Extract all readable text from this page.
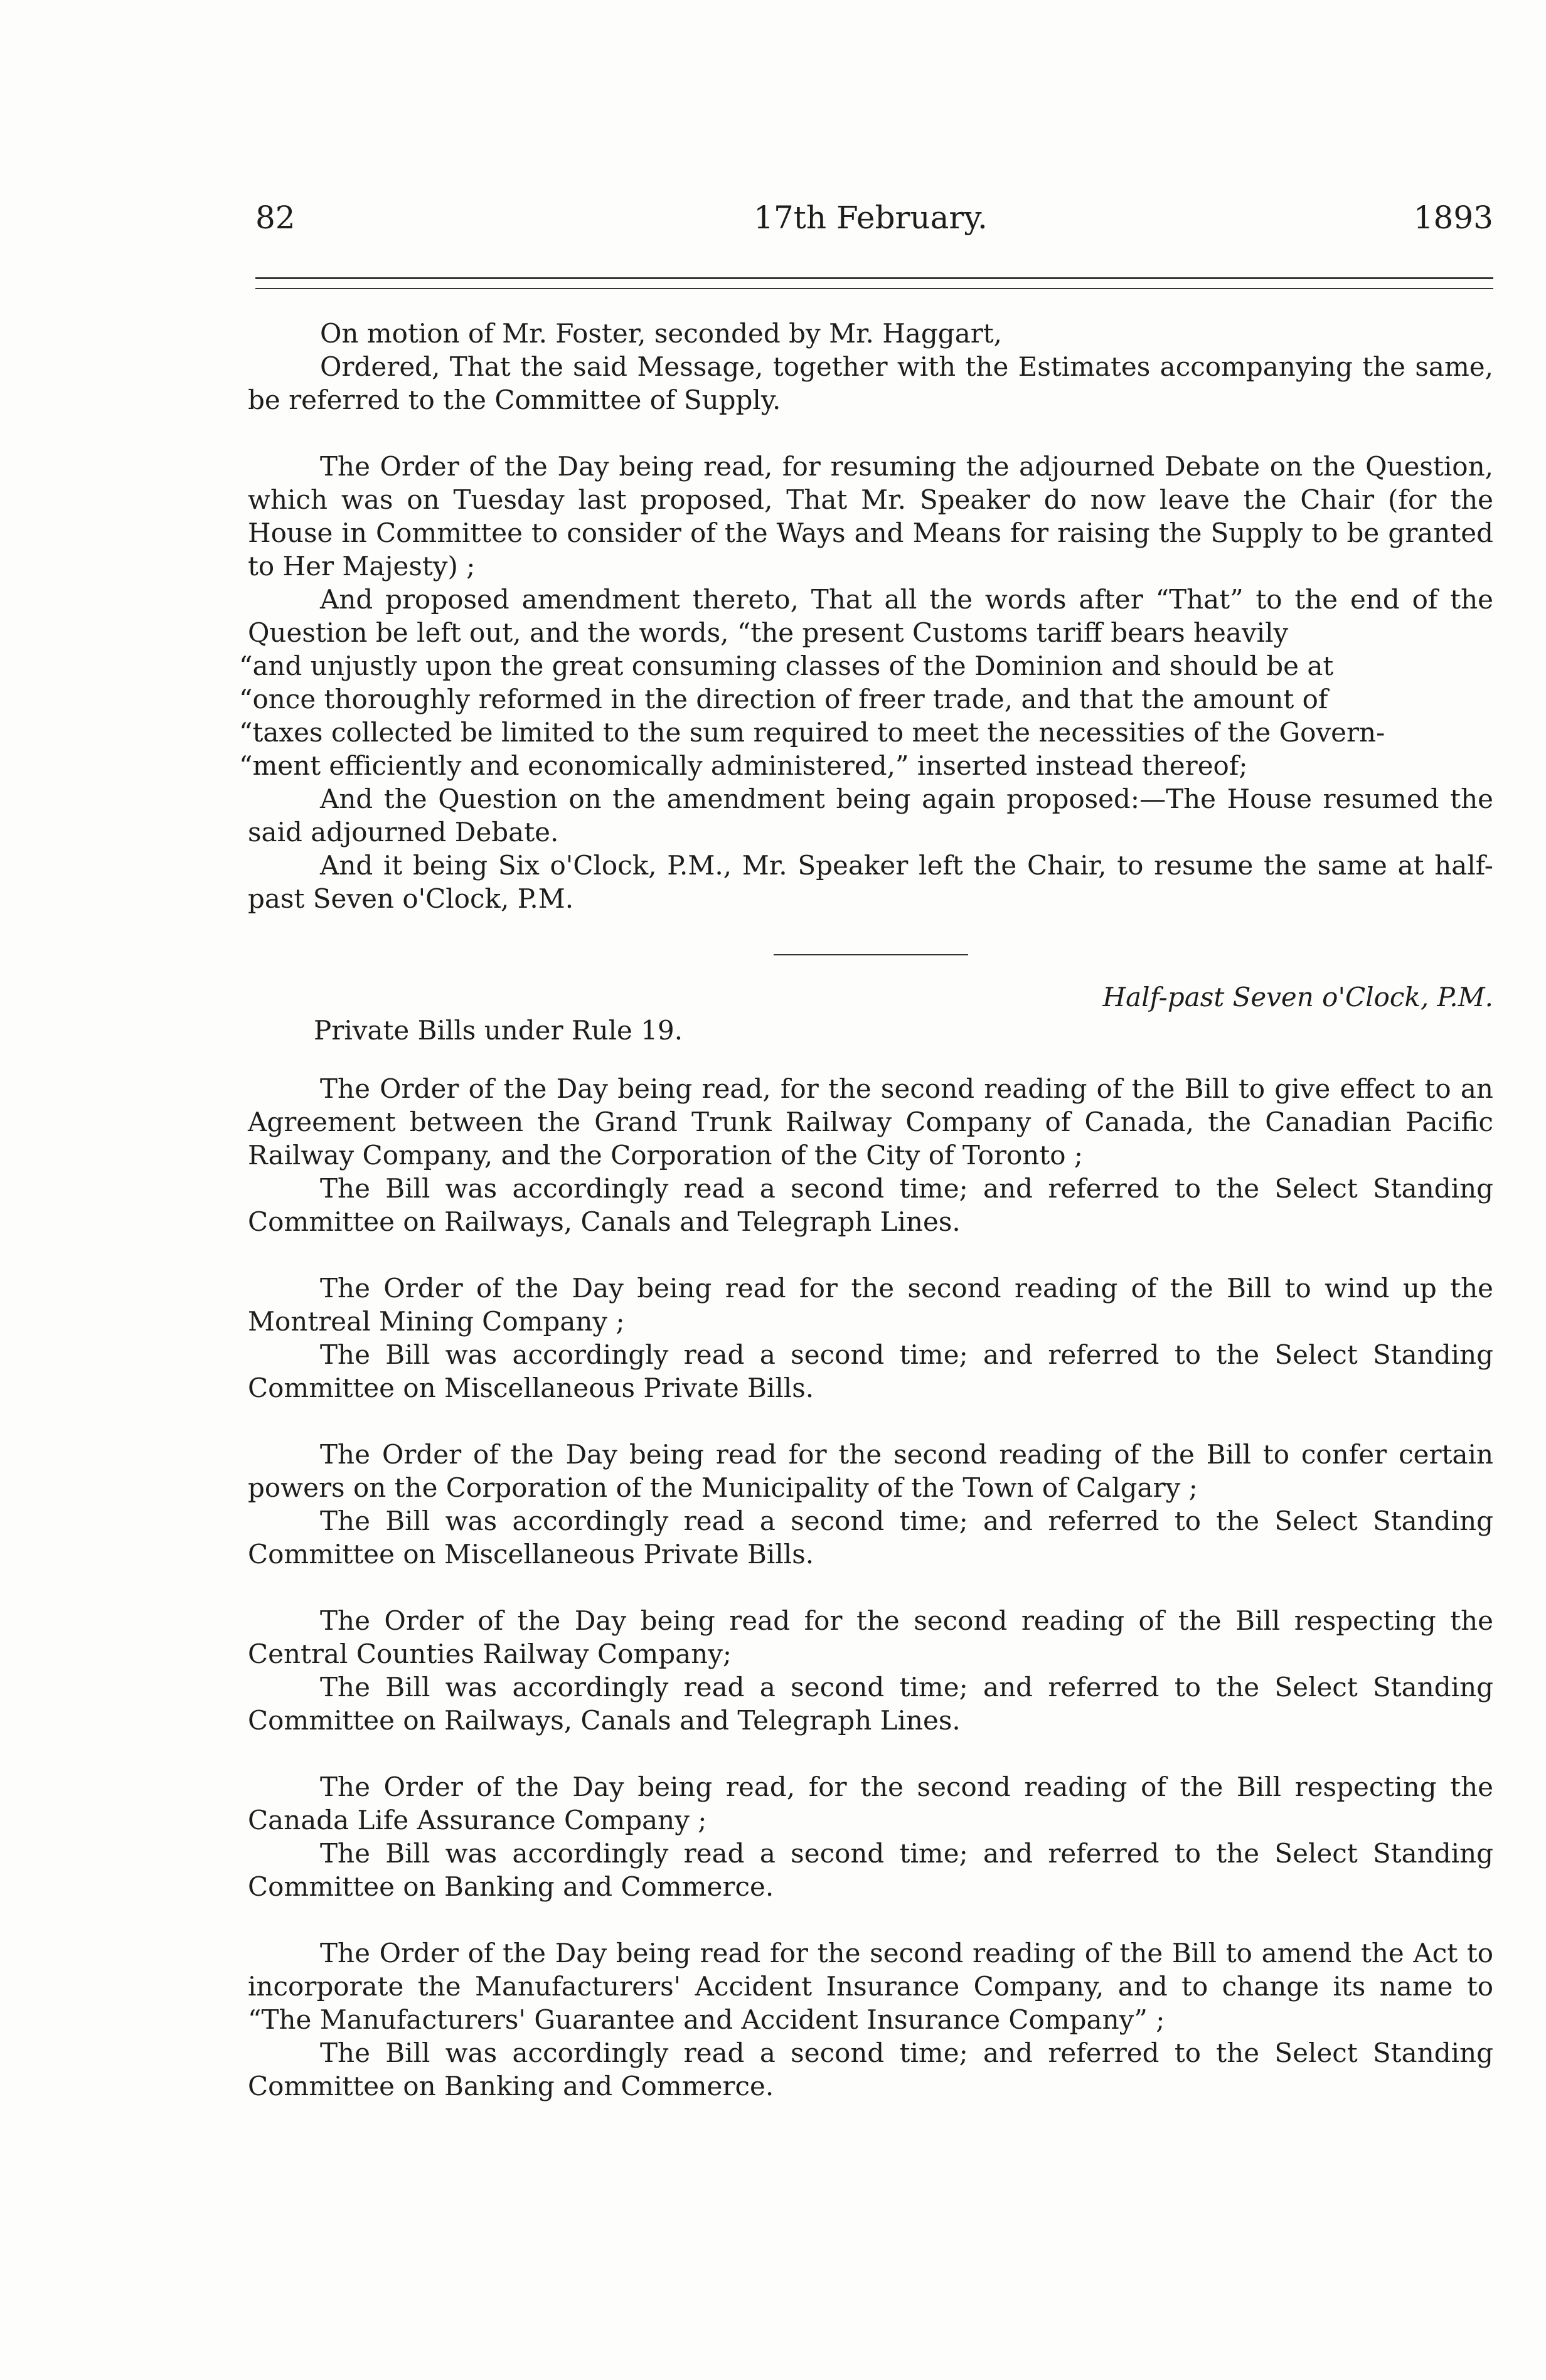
82	17th February.	1893

On motion of Mr. Foster, seconded by Mr. Haggart,

Ordered, That the said Message, together with the Estimates accompanying the same, be referred to the Committee of Supply.

The Order of the Day being read, for resuming the adjourned Debate on the Question, which was on Tuesday last proposed, That Mr. Speaker do now leave the Chair (for the House in Committee to consider of the Ways and Means for raising the Supply to be granted to Her Majesty) ;

And proposed amendment thereto, That all the words after “That” to the end of the Question be left out, and the words, “the present Customs tariff bears heavily

“and unjustly upon the great consuming classes of the Dominion and should be at

“once thoroughly reformed in the direction of freer trade, and that the amount of

“taxes collected be limited to the sum required to meet the necessities of the Govern-

“ment efficiently and economically administered,” inserted instead thereof;

And the Question on the amendment being again proposed:—The House resumed the said adjourned Debate.

And it being Six o'Clock, P.M., Mr. Speaker left the Chair, to resume the same at half-past Seven o'Clock, P.M.

Half-past Seven o'Clock, P.M.

Private Bills under Rule 19.

The Order of the Day being read, for the second reading of the Bill to give effect to an Agreement between the Grand Trunk Railway Company of Canada, the Canadian Pacific Railway Company, and the Corporation of the City of Toronto ;

The Bill was accordingly read a second time; and referred to the Select Standing Committee on Railways, Canals and Telegraph Lines.

The Order of the Day being read for the second reading of the Bill to wind up the Montreal Mining Company ;

The Bill was accordingly read a second time; and referred to the Select Standing Committee on Miscellaneous Private Bills.

The Order of the Day being read for the second reading of the Bill to confer certain powers on the Corporation of the Municipality of the Town of Calgary ;

The Bill was accordingly read a second time; and referred to the Select Standing Committee on Miscellaneous Private Bills.

The Order of the Day being read for the second reading of the Bill respecting the Central Counties Railway Company;

The Bill was accordingly read a second time; and referred to the Select Standing Committee on Railways, Canals and Telegraph Lines.

The Order of the Day being read, for the second reading of the Bill respecting the Canada Life Assurance Company ;

The Bill was accordingly read a second time; and referred to the Select Standing Committee on Banking and Commerce.

The Order of the Day being read for the second reading of the Bill to amend the Act to incorporate the Manufacturers' Accident Insurance Company, and to change its name to “The Manufacturers' Guarantee and Accident Insurance Company” ;

The Bill was accordingly read a second time; and referred to the Select Standing Committee on Banking and Commerce.
